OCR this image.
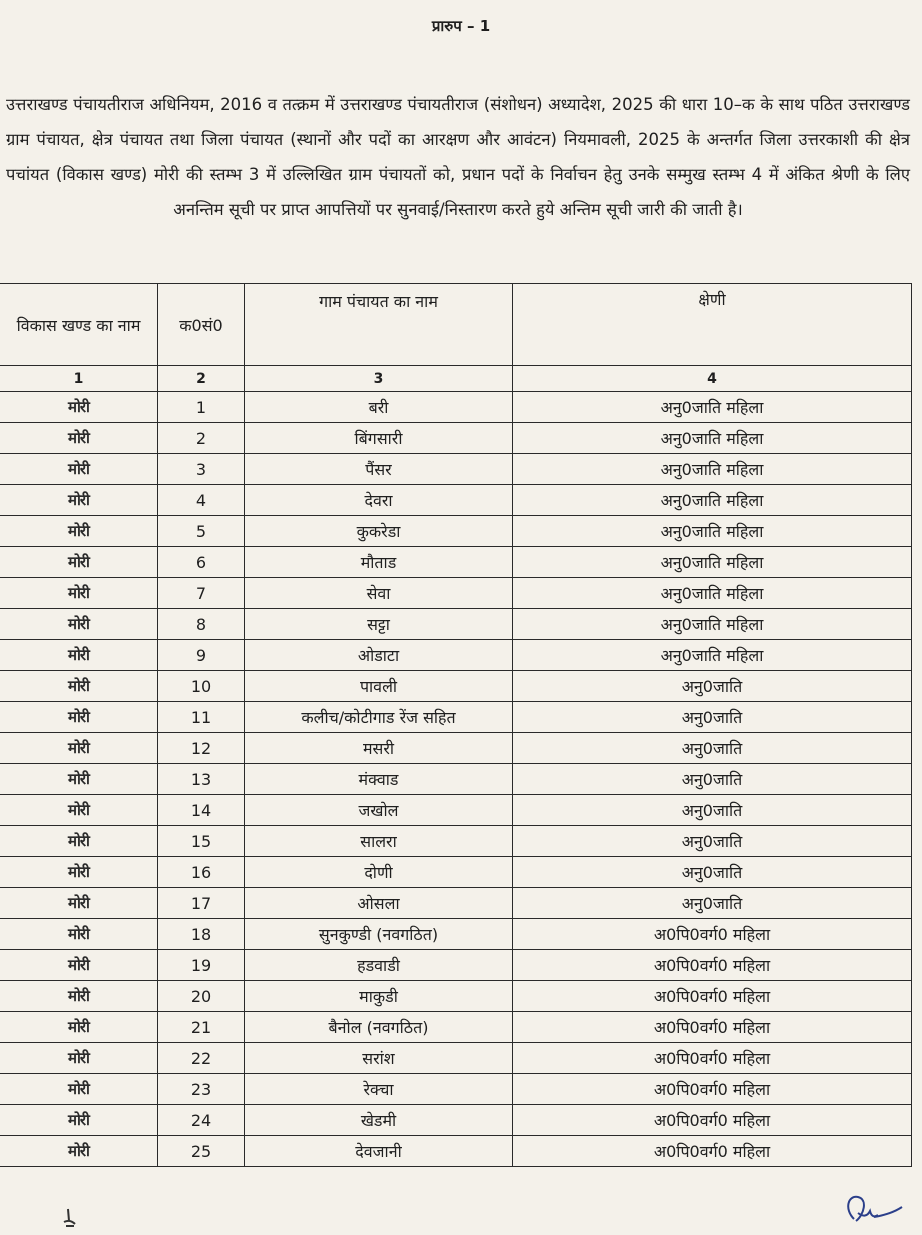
प्रारुप – 1

उत्तराखण्ड पंचायतीराज अधिनियम, 2016 व तत्क्रम में उत्तराखण्ड पंचायतीराज (संशोधन) अध्यादेश, 2025 की धारा 10–क के साथ पठित उत्तराखण्ड ग्राम पंचायत, क्षेत्र पंचायत तथा जिला पंचायत (स्थानों और पदों का आरक्षण और आवंटन) नियमावली, 2025 के अन्तर्गत जिला उत्तरकाशी की क्षेत्र पचांयत (विकास खण्ड) मोरी की स्तम्भ 3 में उल्लिखित ग्राम पंचायतों को, प्रधान पदों के निर्वाचन हेतु उनके सम्मुख स्तम्भ 4 में अंकित श्रेणी के लिए अनन्तिम सूची पर प्राप्त आपत्तियों पर सुनवाई/निस्तारण करते हुये अन्तिम सूची जारी की जाती है।

विकास खण्ड का नाम	क0सं0	गाम पंचायत का नाम	क्षेणी
1	2	3	4
मोरी	1	बरी	अनु0जाति महिला
मोरी	2	बिंगसारी	अनु0जाति महिला
मोरी	3	पैंसर	अनु0जाति महिला
मोरी	4	देवरा	अनु0जाति महिला
मोरी	5	कुकरेडा	अनु0जाति महिला
मोरी	6	मौताड	अनु0जाति महिला
मोरी	7	सेवा	अनु0जाति महिला
मोरी	8	सट्टा	अनु0जाति महिला
मोरी	9	ओडाटा	अनु0जाति महिला
मोरी	10	पावली	अनु0जाति
मोरी	11	कलीच/कोटीगाड रेंज सहित	अनु0जाति
मोरी	12	मसरी	अनु0जाति
मोरी	13	मंक्वाड	अनु0जाति
मोरी	14	जखोल	अनु0जाति
मोरी	15	सालरा	अनु0जाति
मोरी	16	दोणी	अनु0जाति
मोरी	17	ओसला	अनु0जाति
मोरी	18	सुनकुण्डी (नवगठित)	अ0पि0वर्ग0 महिला
मोरी	19	हडवाडी	अ0पि0वर्ग0 महिला
मोरी	20	माकुडी	अ0पि0वर्ग0 महिला
मोरी	21	बैनोल (नवगठित)	अ0पि0वर्ग0 महिला
मोरी	22	सरांश	अ0पि0वर्ग0 महिला
मोरी	23	रेक्चा	अ0पि0वर्ग0 महिला
मोरी	24	खेडमी	अ0पि0वर्ग0 महिला
मोरी	25	देवजानी	अ0पि0वर्ग0 महिला
